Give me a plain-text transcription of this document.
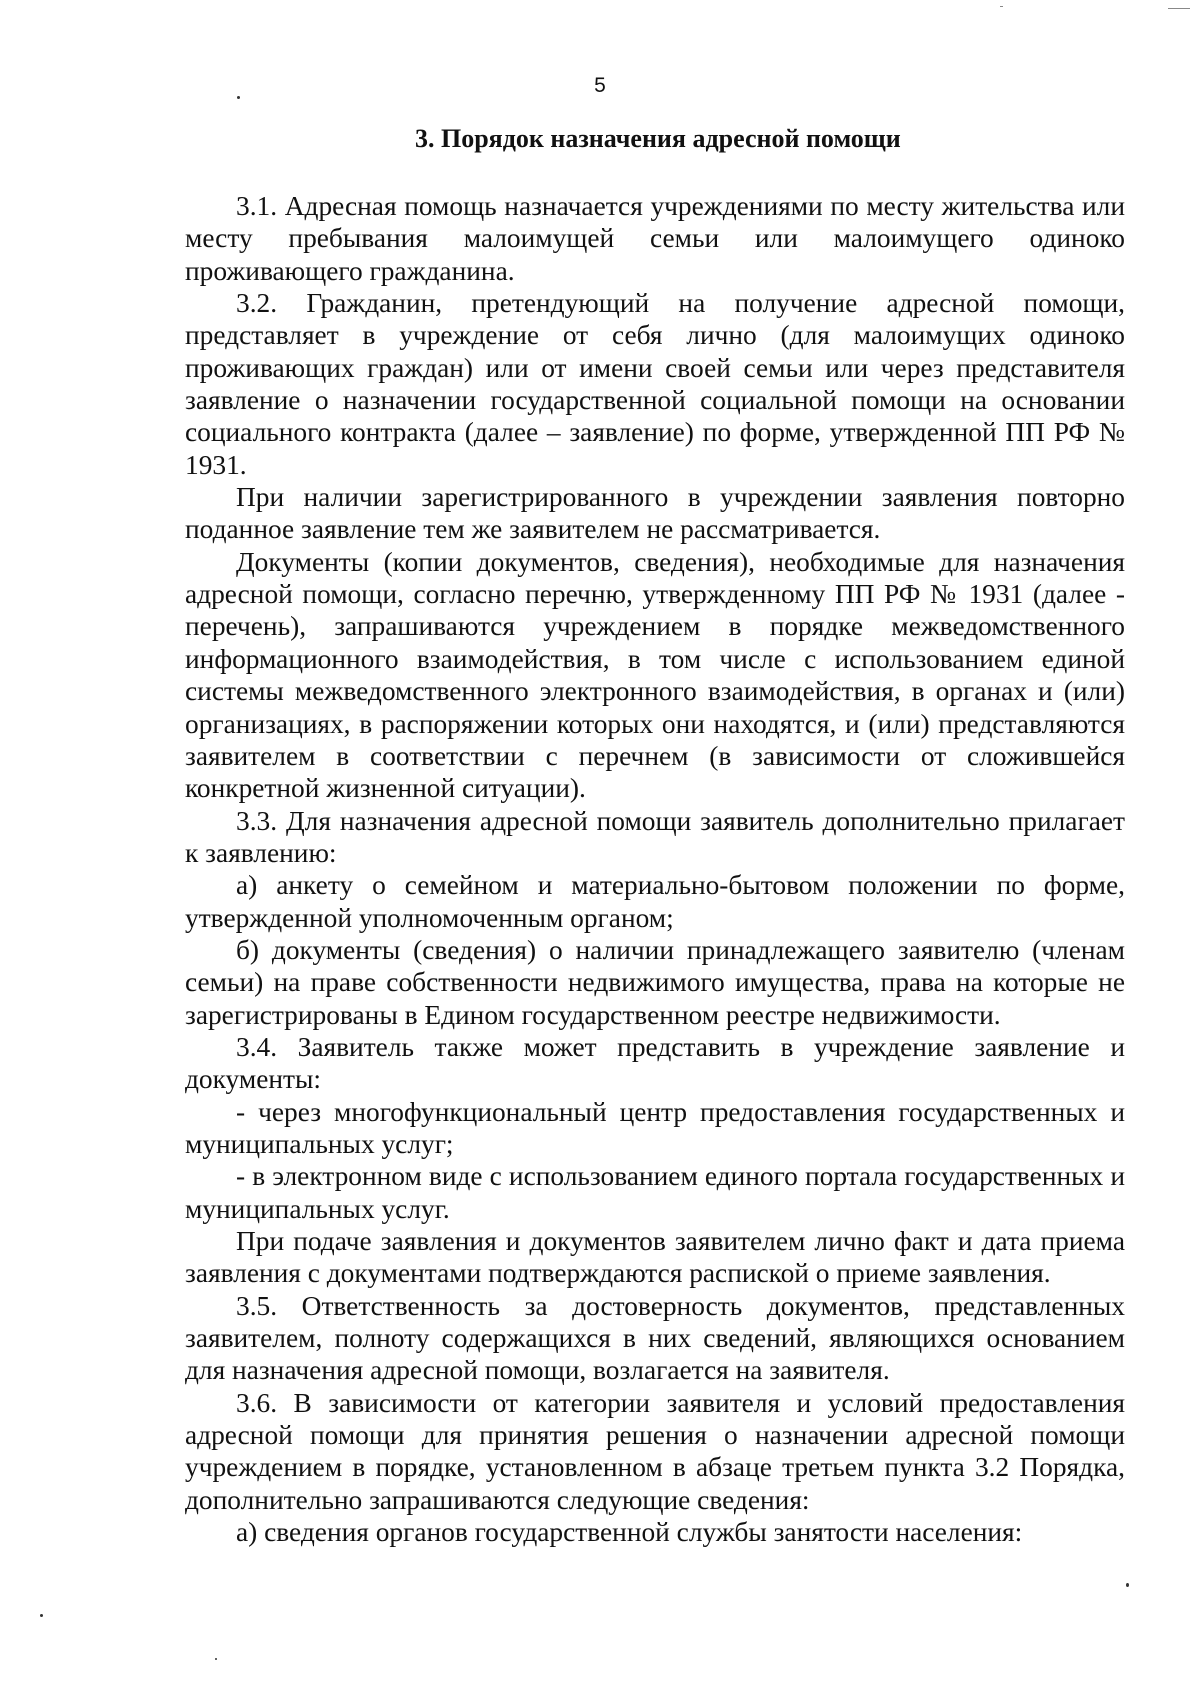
5
3. Порядок назначения адресной помощи

3.1. Адресная помощь назначается учреждениями по месту жительства или месту пребывания малоимущей семьи или малоимущего одиноко проживающего гражданина.

3.2. Гражданин, претендующий на получение адресной помощи, представляет в учреждение от себя лично (для малоимущих одиноко проживающих граждан) или от имени своей семьи или через представителя заявление о назначении государственной социальной помощи на основании социального контракта (далее – заявление) по форме, утвержденной ПП РФ № 1931.

При наличии зарегистрированного в учреждении заявления повторно поданное заявление тем же заявителем не рассматривается.

Документы (копии документов, сведения), необходимые для назначения адресной помощи, согласно перечню, утвержденному ПП РФ № 1931 (далее - перечень), запрашиваются учреждением в порядке межведомственного информационного взаимодействия, в том числе с использованием единой системы межведомственного электронного взаимодействия, в органах и (или) организациях, в распоряжении которых они находятся, и (или) представляются заявителем в соответствии с перечнем (в зависимости от сложившейся конкретной жизненной ситуации).

3.3. Для назначения адресной помощи заявитель дополнительно прилагает к заявлению:

а) анкету о семейном и материально-бытовом положении по форме, утвержденной уполномоченным органом;

б) документы (сведения) о наличии принадлежащего заявителю (членам семьи) на праве собственности недвижимого имущества, права на которые не зарегистрированы в Едином государственном реестре недвижимости.

3.4. Заявитель также может представить в учреждение заявление и документы:

- через многофункциональный центр предоставления государственных и муниципальных услуг;

- в электронном виде с использованием единого портала государственных и муниципальных услуг.

При подаче заявления и документов заявителем лично факт и дата приема заявления с документами подтверждаются распиской о приеме заявления.

3.5. Ответственность за достоверность документов, представленных заявителем, полноту содержащихся в них сведений, являющихся основанием для назначения адресной помощи, возлагается на заявителя.

3.6. В зависимости от категории заявителя и условий предоставления адресной помощи для принятия решения о назначении адресной помощи учреждением в порядке, установленном в абзаце третьем пункта 3.2 Порядка, дополнительно запрашиваются следующие сведения:

а) сведения органов государственной службы занятости населения:
